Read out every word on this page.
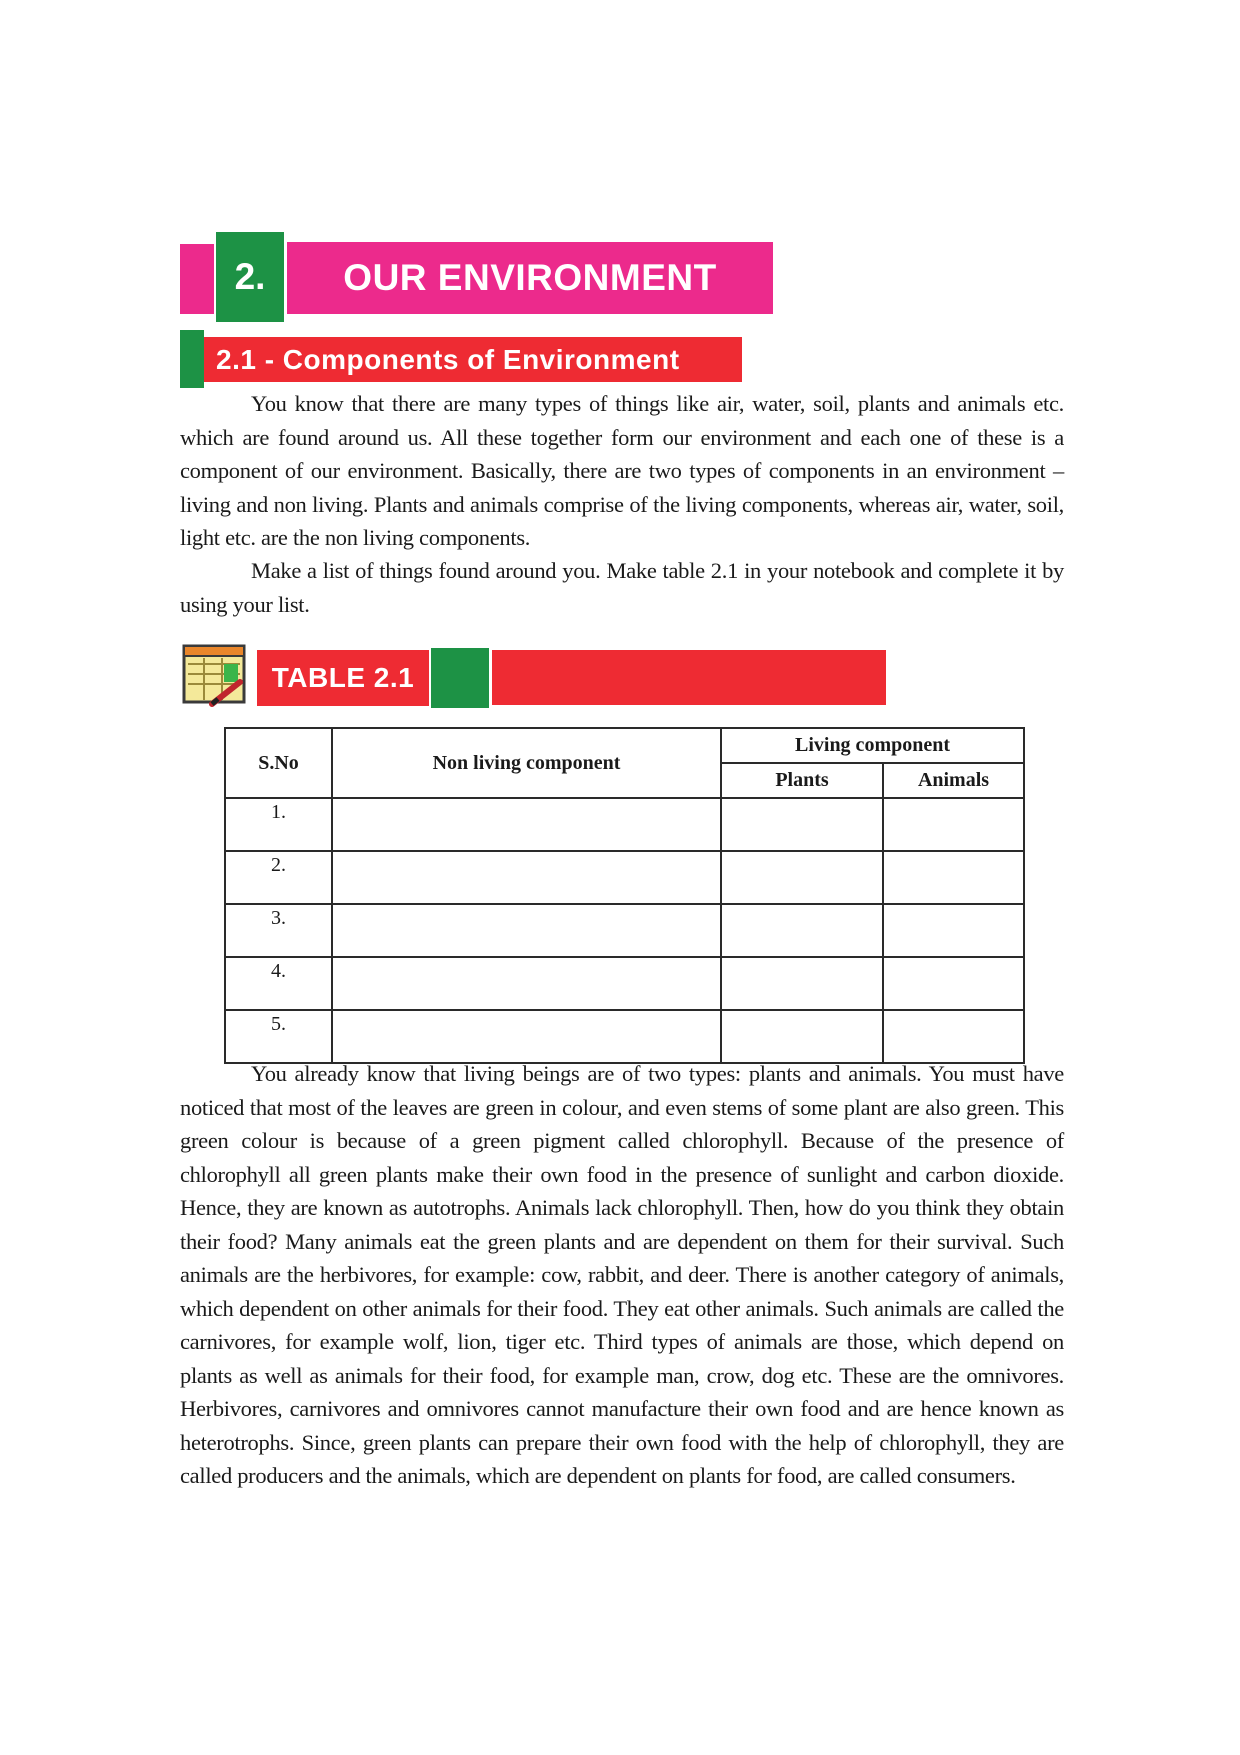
2.	OUR ENVIRONMENT
2.1 - Components of Environment

You know that there are many types of things like air, water, soil, plants and animals etc. which are found around us. All these together form our environment and each one of these is a component of our environment. Basically, there are two types of components in an environment – living and non living. Plants and animals comprise of the living components, whereas air, water, soil, light etc. are the non living components.

Make a list of things found around you. Make table 2.1 in your notebook and complete it by using your list.

TABLE 2.1
S.No	Non living component	Living component	
		Plants	Animals
1.			
2.			
3.			
4.			
5.			

You already know that living beings are of two types: plants and animals. You must have noticed that most of the leaves are green in colour, and even stems of some plant are also green. This green colour is because of a green pigment called chlorophyll. Because of the presence of chlorophyll all green plants make their own food in the presence of sunlight and carbon dioxide. Hence, they are known as autotrophs. Animals lack chlorophyll. Then, how do you think they obtain their food? Many animals eat the green plants and are dependent on them for their survival. Such animals are the herbivores, for example: cow, rabbit, and deer. There is another category of animals, which dependent on other animals for their food. They eat other animals. Such animals are called the carnivores, for example wolf, lion, tiger etc. Third types of animals are those, which depend on plants as well as animals for their food, for example man, crow, dog etc. These are the omnivores. Herbivores, carnivores and omnivores cannot manufacture their own food and are hence known as heterotrophs. Since, green plants can prepare their own food with the help of chlorophyll, they are called producers and the animals, which are dependent on plants for food, are called consumers.
